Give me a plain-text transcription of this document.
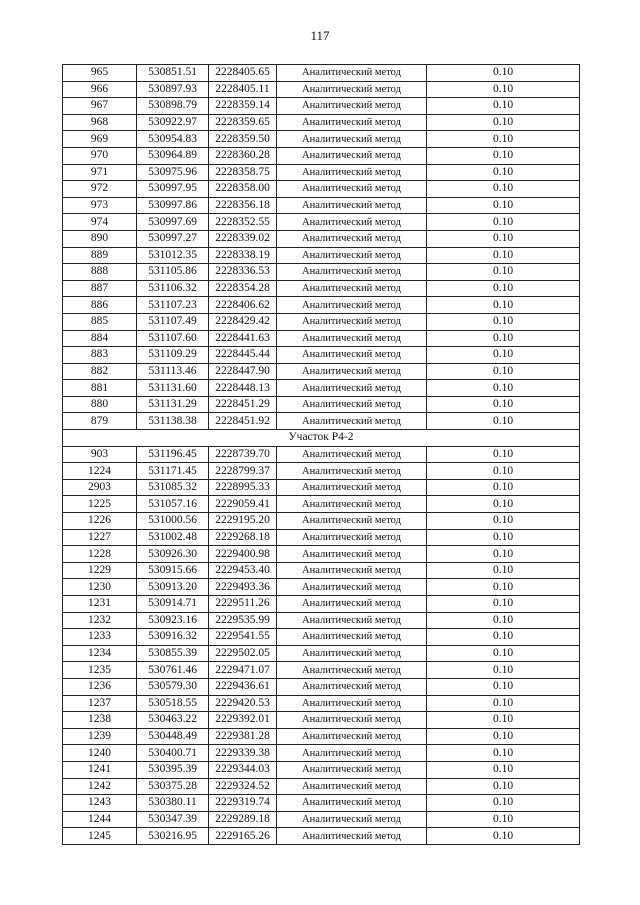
117
965	530851.51	2228405.65	Аналитический метод	0.10
966	530897.93	2228405.11	Аналитический метод	0.10
967	530898.79	2228359.14	Аналитический метод	0.10
968	530922.97	2228359.65	Аналитический метод	0.10
969	530954.83	2228359.50	Аналитический метод	0.10
970	530964.89	2228360.28	Аналитический метод	0.10
971	530975.96	2228358.75	Аналитический метод	0.10
972	530997.95	2228358.00	Аналитический метод	0.10
973	530997.86	2228356.18	Аналитический метод	0.10
974	530997.69	2228352.55	Аналитический метод	0.10
890	530997.27	2228339.02	Аналитический метод	0.10
889	531012.35	2228338.19	Аналитический метод	0.10
888	531105.86	2228336.53	Аналитический метод	0.10
887	531106.32	2228354.28	Аналитический метод	0.10
886	531107.23	2228406.62	Аналитический метод	0.10
885	531107.49	2228429.42	Аналитический метод	0.10
884	531107.60	2228441.63	Аналитический метод	0.10
883	531109.29	2228445.44	Аналитический метод	0.10
882	531113.46	2228447.90	Аналитический метод	0.10
881	531131.60	2228448.13	Аналитический метод	0.10
880	531131.29	2228451.29	Аналитический метод	0.10
879	531138.38	2228451.92	Аналитический метод	0.10
Участок Р4-2				
903	531196.45	2228739.70	Аналитический метод	0.10
1224	531171.45	2228799.37	Аналитический метод	0.10
2903	531085.32	2228995.33	Аналитический метод	0.10
1225	531057.16	2229059.41	Аналитический метод	0.10
1226	531000.56	2229195.20	Аналитический метод	0.10
1227	531002.48	2229268.18	Аналитический метод	0.10
1228	530926.30	2229400.98	Аналитический метод	0.10
1229	530915.66	2229453.40	Аналитический метод	0.10
1230	530913.20	2229493.36	Аналитический метод	0.10
1231	530914.71	2229511.26	Аналитический метод	0.10
1232	530923.16	2229535.99	Аналитический метод	0.10
1233	530916.32	2229541.55	Аналитический метод	0.10
1234	530855.39	2229502.05	Аналитический метод	0.10
1235	530761.46	2229471.07	Аналитический метод	0.10
1236	530579.30	2229436.61	Аналитический метод	0.10
1237	530518.55	2229420.53	Аналитический метод	0.10
1238	530463.22	2229392.01	Аналитический метод	0.10
1239	530448.49	2229381.28	Аналитический метод	0.10
1240	530400.71	2229339.38	Аналитический метод	0.10
1241	530395.39	2229344.03	Аналитический метод	0.10
1242	530375.28	2229324.52	Аналитический метод	0.10
1243	530380.11	2229319.74	Аналитический метод	0.10
1244	530347.39	2229289.18	Аналитический метод	0.10
1245	530216.95	2229165.26	Аналитический метод	0.10
